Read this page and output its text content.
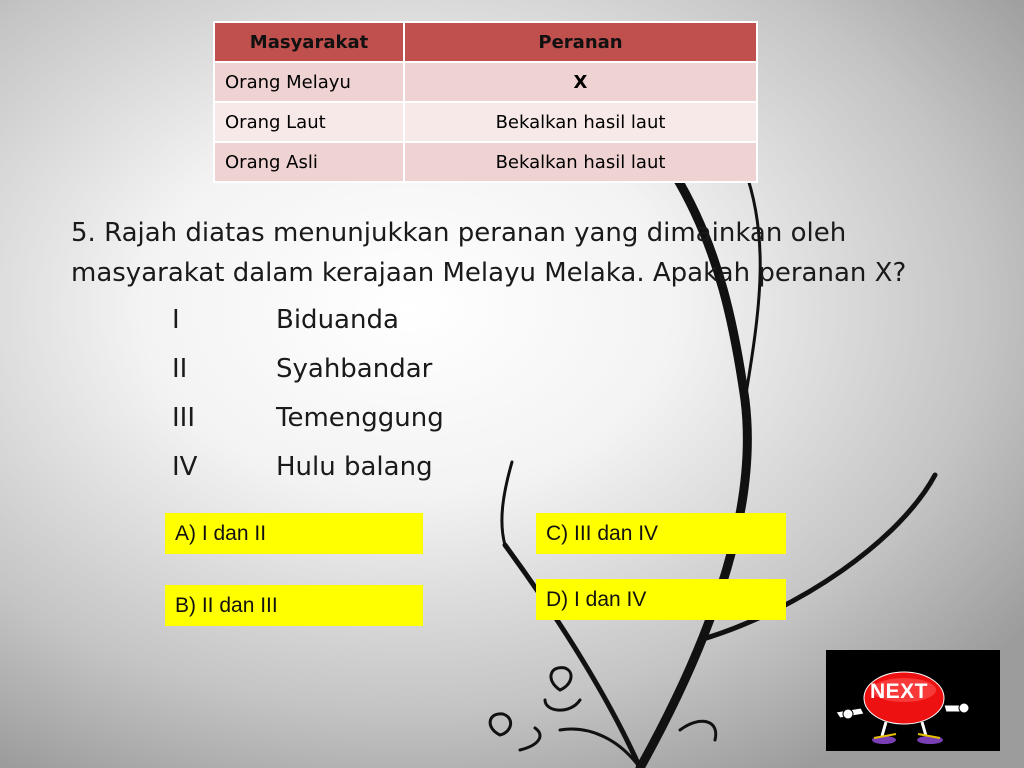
Masyarakat	Peranan
Orang Melayu	X
Orang Laut	Bekalkan hasil laut
Orang Asli	Bekalkan hasil laut
5. Rajah diatas menunjukkan peranan yang dimainkan oleh masyarakat dalam kerajaan Melayu Melaka. Apakah peranan X?
I	Biduanda
II	Syahbandar
III	Temenggung
IV	Hulu balang
A) I dan II
B) II dan III
C) III dan IV
D) I dan IV
NEXT
